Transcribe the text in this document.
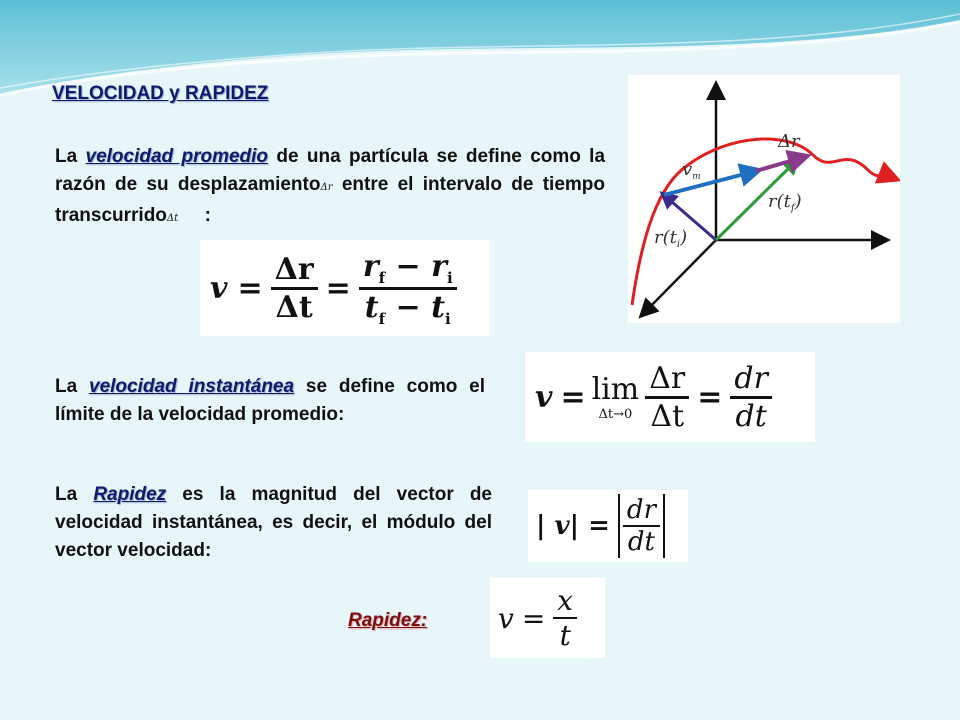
VELOCIDAD y RAPIDEZ
La velocidad promedio de una partícula se define como la razón de su desplazamientoΔr entre el intervalo de tiempo transcurridoΔt :
$v = \frac{\Delta r}{\Delta t} = \frac{r_f - r_i}{t_f - t_i}$
Δr
$v_m$
$r(t_f)$
$r(t_i)$
La velocidad instantánea se define como el límite de la velocidad promedio:	v = lim
$\Delta t\to 0 \frac{\Delta r}{\Delta t} = \frac{dr}{dt}$
La Rapidez es la magnitud del vector de velocidad instantánea, es decir, el módulo del vector velocidad:
| $v| = \frac{dr}{dt}$
Rapidez:	$v = \frac{x}{t}$
